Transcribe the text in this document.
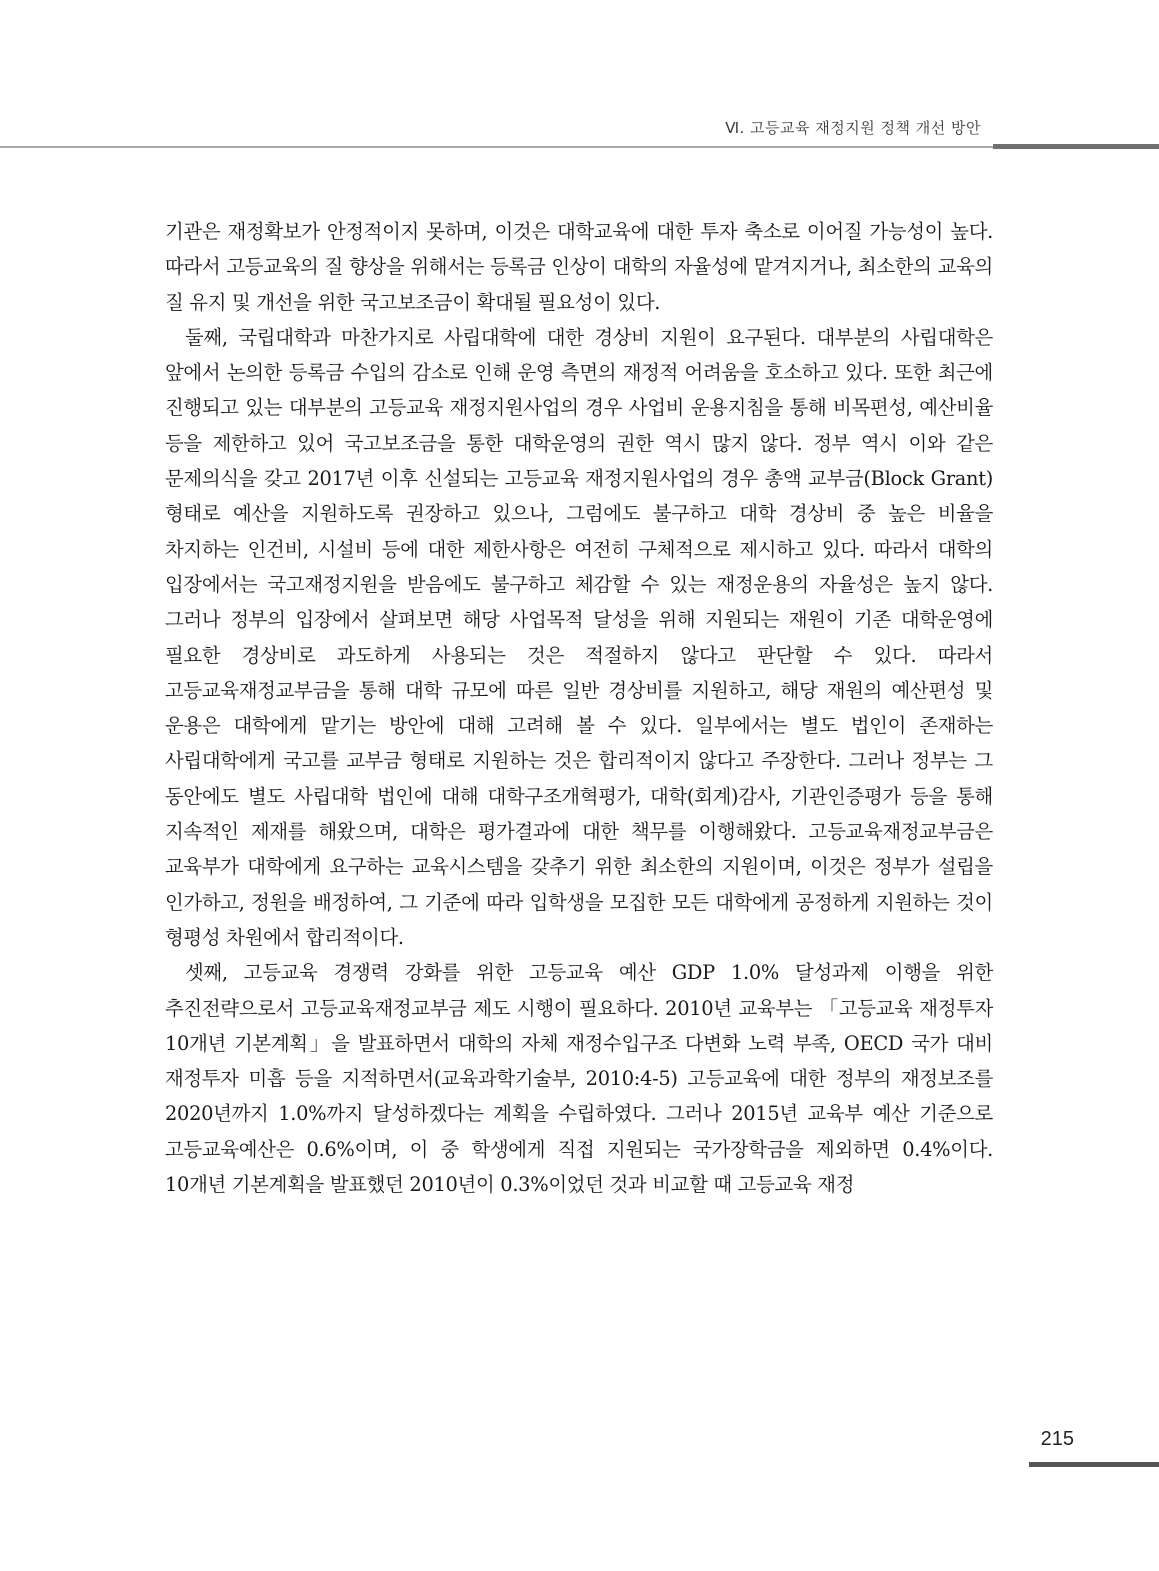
Ⅵ. 고등교육 재정지원 정책 개선 방안

기관은 재정확보가 안정적이지 못하며, 이것은 대학교육에 대한 투자 축소로 이어질 가능성이 높다. 따라서 고등교육의 질 향상을 위해서는 등록금 인상이 대학의 자율성에 맡겨지거나, 최소한의 교육의 질 유지 및 개선을 위한 국고보조금이 확대될 필요성이 있다.

둘째, 국립대학과 마찬가지로 사립대학에 대한 경상비 지원이 요구된다. 대부분의 사립대학은 앞에서 논의한 등록금 수입의 감소로 인해 운영 측면의 재정적 어려움을 호소하고 있다. 또한 최근에 진행되고 있는 대부분의 고등교육 재정지원사업의 경우 사업비 운용지침을 통해 비목편성, 예산비율 등을 제한하고 있어 국고보조금을 통한 대학운영의 권한 역시 많지 않다. 정부 역시 이와 같은 문제의식을 갖고 2017년 이후 신설되는 고등교육 재정지원사업의 경우 총액 교부금(Block Grant) 형태로 예산을 지원하도록 권장하고 있으나, 그럼에도 불구하고 대학 경상비 중 높은 비율을 차지하는 인건비, 시설비 등에 대한 제한사항은 여전히 구체적으로 제시하고 있다. 따라서 대학의 입장에서는 국고재정지원을 받음에도 불구하고 체감할 수 있는 재정운용의 자율성은 높지 않다. 그러나 정부의 입장에서 살펴보면 해당 사업목적 달성을 위해 지원되는 재원이 기존 대학운영에 필요한 경상비로 과도하게 사용되는 것은 적절하지 않다고 판단할 수 있다. 따라서 고등교육재정교부금을 통해 대학 규모에 따른 일반 경상비를 지원하고, 해당 재원의 예산편성 및 운용은 대학에게 맡기는 방안에 대해 고려해 볼 수 있다. 일부에서는 별도 법인이 존재하는 사립대학에게 국고를 교부금 형태로 지원하는 것은 합리적이지 않다고 주장한다. 그러나 정부는 그 동안에도 별도 사립대학 법인에 대해 대학구조개혁평가, 대학(회계)감사, 기관인증평가 등을 통해 지속적인 제재를 해왔으며, 대학은 평가결과에 대한 책무를 이행해왔다. 고등교육재정교부금은 교육부가 대학에게 요구하는 교육시스템을 갖추기 위한 최소한의 지원이며, 이것은 정부가 설립을 인가하고, 정원을 배정하여, 그 기준에 따라 입학생을 모집한 모든 대학에게 공정하게 지원하는 것이 형평성 차원에서 합리적이다.

셋째, 고등교육 경쟁력 강화를 위한 고등교육 예산 GDP 1.0% 달성과제 이행을 위한 추진전략으로서 고등교육재정교부금 제도 시행이 필요하다. 2010년 교육부는 「고등교육 재정투자 10개년 기본계획」을 발표하면서 대학의 자체 재정수입구조 다변화 노력 부족, OECD 국가 대비 재정투자 미흡 등을 지적하면서(교육과학기술부, 2010:4-5) 고등교육에 대한 정부의 재정보조를 2020년까지 1.0%까지 달성하겠다는 계획을 수립하였다. 그러나 2015년 교육부 예산 기준으로 고등교육예산은 0.6%이며, 이 중 학생에게 직접 지원되는 국가장학금을 제외하면 0.4%이다. 10개년 기본계획을 발표했던 2010년이 0.3%이었던 것과 비교할 때 고등교육 재정

215
